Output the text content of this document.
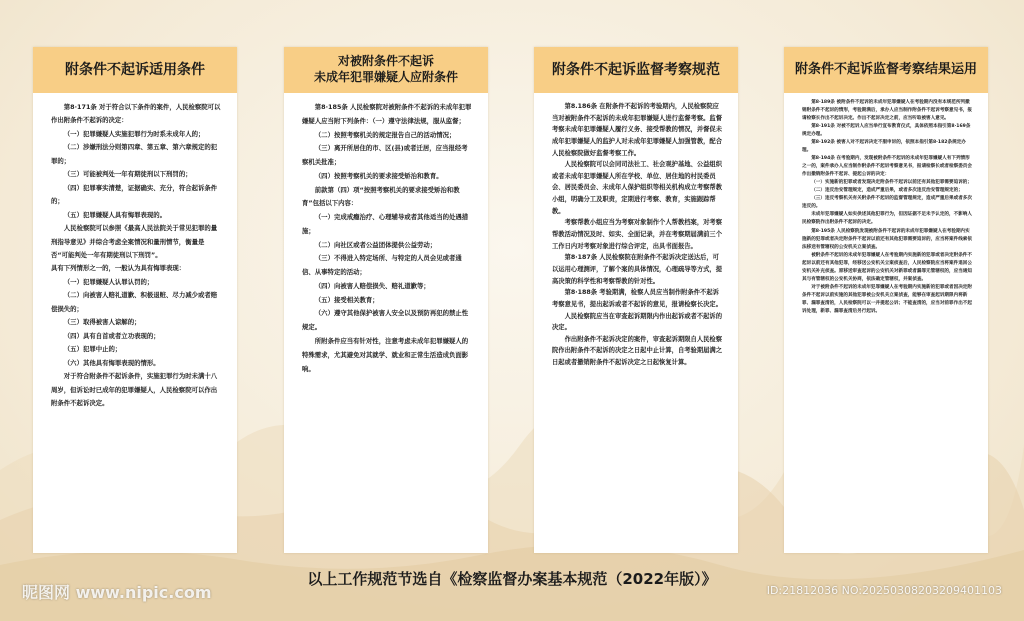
附条件不起诉适用条件

第8·171条 对于符合以下条件的案件，人民检察院可以作出附条件不起诉的决定：

（一）犯罪嫌疑人实施犯罪行为时系未成年人的；

（二）涉嫌刑法分则第四章、第五章、第六章规定的犯罪的；

（三）可能被判处一年有期徒刑以下刑罚的；

（四）犯罪事实清楚，证据确实、充分，符合起诉条件的；

（五）犯罪嫌疑人具有悔罪表现的。

人民检察院可以参照《最高人民法院关于常见犯罪的量刑指导意见》并综合考虑全案情况和量刑情节，衡量是否“可能判处一年有期徒刑以下刑罚”。

具有下列情形之一的，一般认为具有悔罪表现：

（一）犯罪嫌疑人认罪认罚的；

（二）向被害人赔礼道歉、积极退赃、尽力减少或者赔偿损失的；

（三）取得被害人谅解的；

（四）具有自首或者立功表现的；

（五）犯罪中止的；

（六）其他具有悔罪表现的情形。

对于符合附条件不起诉条件，实施犯罪行为时未满十八周岁，但诉讼时已成年的犯罪嫌疑人，人民检察院可以作出附条件不起诉决定。

对被附条件不起诉
未成年犯罪嫌疑人应附条件

第8·185条 人民检察院对被附条件不起诉的未成年犯罪嫌疑人应当附下列条件：（一）遵守法律法规，服从监督；

（二）按照考察机关的规定报告自己的活动情况；

（三）离开所居住的市、区(县)或者迁居，应当报经考察机关批准；

（四）按照考察机关的要求接受矫治和教育。

前款第（四）项“按照考察机关的要求接受矫治和教育”包括以下内容：

（一）完成戒瘾治疗、心理辅导或者其他适当的处遇措施；

（二）向社区或者公益团体提供公益劳动；

（三）不得进入特定场所、与特定的人员会见或者通信、从事特定的活动；

（四）向被害人赔偿损失、赔礼道歉等；

（五）接受相关教育；

（六）遵守其他保护被害人安全以及预防再犯的禁止性规定。

所附条件应当有针对性，注意考虑未成年犯罪嫌疑人的特殊需求，尤其避免对其就学、就业和正常生活造成负面影响。

附条件不起诉监督考察规范

第8.186条 在附条件不起诉的考验期内，人民检察院应当对被附条件不起诉的未成年犯罪嫌疑人进行监督考察。监督考察未成年犯罪嫌疑人履行义务、接受帮教的情况，并督促未成年犯罪嫌疑人的监护人对未成年犯罪嫌疑人加强管教，配合人民检察院做好监督考察工作。

人民检察院可以会同司法社工、社会观护基地、公益组织或者未成年犯罪嫌疑人所在学校、单位、居住地的村民委员会、居民委员会、未成年人保护组织等相关机构成立考察帮教小组，明确分工及职责，定期进行考察、教育，实施跟踪帮教。

考察帮教小组应当为考察对象制作个人帮教档案，对考察帮教活动情况及时、如实、全面记录，并在考察期届满前三个工作日内对考察对象进行综合评定，出具书面报告。

第8·187条 人民检察院在附条件不起诉决定送达后，可以运用心理测评，了解个案的具体情况，心理疏导等方式，提高决策的科学性和考察帮教的针对性。

第8·188条 考验期满，检察人员应当制作附条件不起诉考察意见书，提出起诉或者不起诉的意见，报请检察长决定。

人民检察院应当在审查起诉期限内作出起诉或者不起诉的决定。

作出附条件不起诉决定的案件，审查起诉期限自人民检察院作出附条件不起诉的决定之日起中止计算，自考验期届满之日起或者撤销附条件不起诉决定之日起恢复计算。

附条件不起诉监督考察结果运用

第8·189条 被附条件不起诉的未成年犯罪嫌疑人在考验期内没有本规范所列撤销附条件不起诉的情形，考验期满后，承办人应当制作附条件不起诉考察意见书，报请检察长作出不起诉决定。作出不起诉决定之前，应当听取被害人意见。

第8·191条 对被不起诉人应当举行宣布教育仪式，具体依照本指引第8·169条规定办理。

第8·192条 被害人对不起诉决定不服申诉的，依照本指引第8·182条规定办理。

第8·194条 在考验期内，发现被附条件不起诉的未成年犯罪嫌疑人有下列情形之一的，案件承办人应当制作附条件不起诉考察意见书，报请检察长或者检察委员会作出撤销附条件不起诉、提起公诉的决定：

（一）实施新的犯罪或者发现决定附条件不起诉以前还有其他犯罪需要追诉的；

（二）违反治安管理规定，造成严重后果，或者多次违反治安管理规定的；

（三）违反考察机关有关附条件不起诉的监督管理规定，造成严重后果或者多次违反的。

未成年犯罪嫌疑人如实供述其他犯罪行为，但因证据不足未予认定的，不影响人民检察院作出附条件不起诉的决定。

第8·195条 人民检察院发现被附条件不起诉的未成年犯罪嫌疑人在考验期内实施新的犯罪或者决定附条件不起诉以前还有其他犯罪需要追诉的，应当将案件线索依法移送有管辖权的公安机关立案侦查。

被附条件不起诉的未成年犯罪嫌疑人在考验期内实施新的犯罪或者决定附条件不起诉以前还有其他犯罪，经移送公安机关立案侦查后，人民检察院应当将案件退回公安机关补充侦查。原移送审查起诉的公安机关对新罪或者漏罪无管辖权的，应当通知其与有管辖权的公安机关协商，依法确定管辖权，并案侦查。

对于被附条件不起诉的未成年犯罪嫌疑人在考验期内实施新的犯罪或者因决定附条件不起诉以前实施的其他犯罪被公安机关立案侦查，能够在审查起诉期限内将新罪、漏罪查清的，人民检察院可以一并提起公诉；不能查清的，应当对前罪作出不起诉处理，新罪、漏罪查清后另行起诉。

以上工作规范节选自《检察监督办案基本规范（2022年版）》
昵图网 www.nipic.com	ID:21812036 NO:20250308203209401103
